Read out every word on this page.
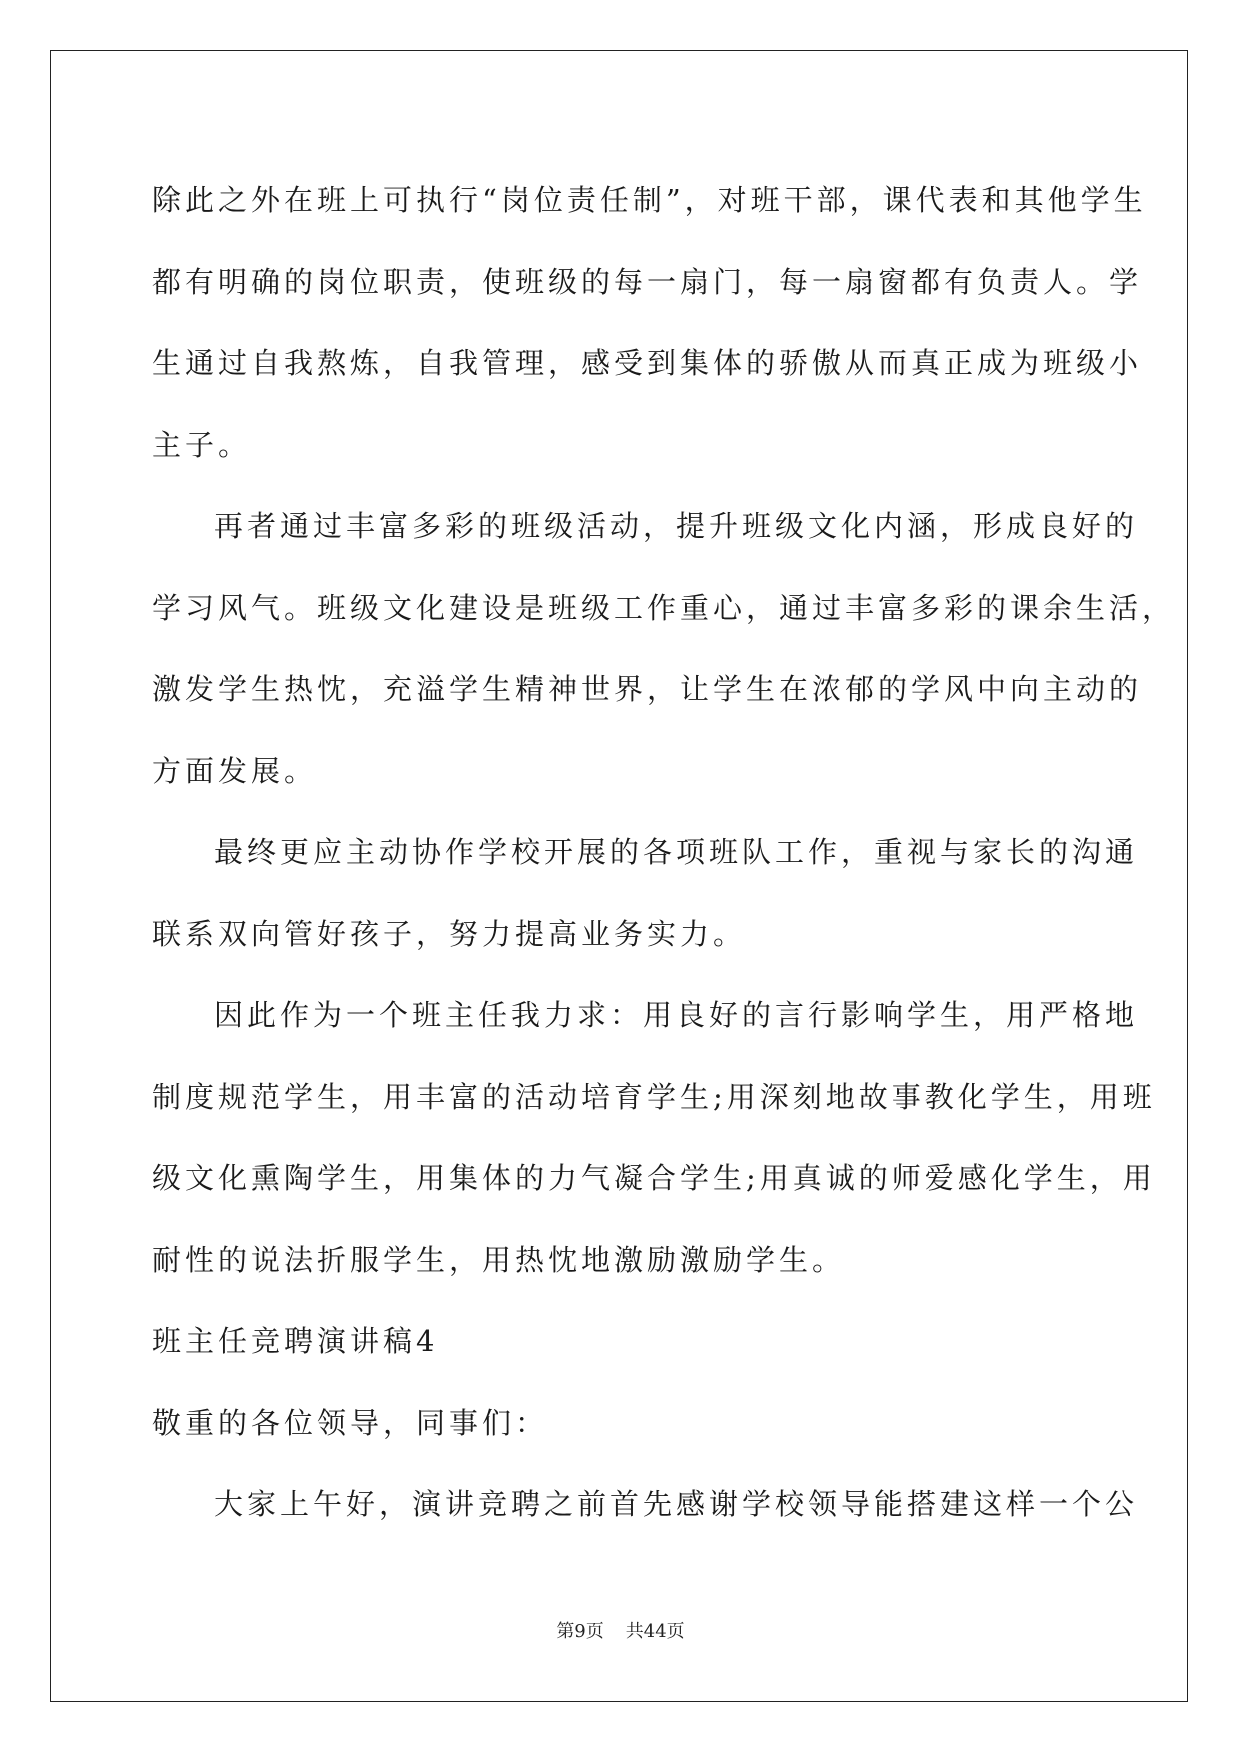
除此之外在班上可执行“岗位责任制”，对班干部，课代表和其他学生
都有明确的岗位职责，使班级的每一扇门，每一扇窗都有负责人。学
生通过自我熬炼，自我管理，感受到集体的骄傲从而真正成为班级小
主子。

再者通过丰富多彩的班级活动，提升班级文化内涵，形成良好的
学习风气。班级文化建设是班级工作重心，通过丰富多彩的课余生活，
激发学生热忱，充溢学生精神世界，让学生在浓郁的学风中向主动的
方面发展。

最终更应主动协作学校开展的各项班队工作，重视与家长的沟通
联系双向管好孩子，努力提高业务实力。

因此作为一个班主任我力求：用良好的言行影响学生，用严格地
制度规范学生，用丰富的活动培育学生;用深刻地故事教化学生，用班
级文化熏陶学生，用集体的力气凝合学生;用真诚的师爱感化学生，用
耐性的说法折服学生，用热忱地激励激励学生。

班主任竞聘演讲稿4

敬重的各位领导，同事们：

大家上午好，演讲竞聘之前首先感谢学校领导能搭建这样一个公

第9页 共44页
